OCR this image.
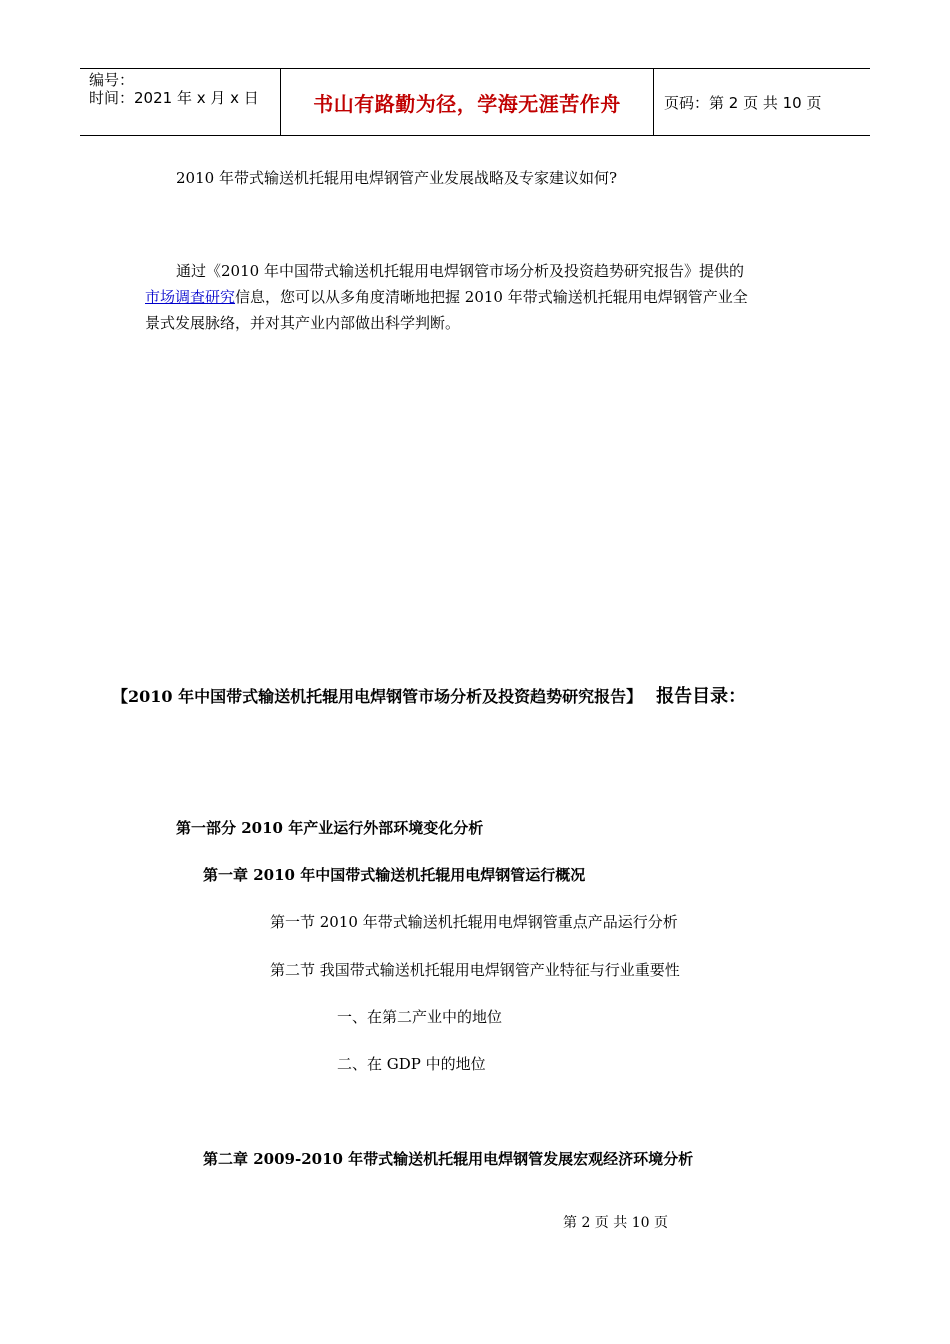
编号：
时间：2021 年 x 月 x 日	书山有路勤为径，学海无涯苦作舟	页码：第 2 页 共 10 页
2010 年带式输送机托辊用电焊钢管产业发展战略及专家建议如何?
通过《2010 年中国带式输送机托辊用电焊钢管市场分析及投资趋势研究报告》提供的
市场调查研究信息，您可以从多角度清晰地把握 2010 年带式输送机托辊用电焊钢管产业全
景式发展脉络，并对其产业内部做出科学判断。
【2010 年中国带式输送机托辊用电焊钢管市场分析及投资趋势研究报告】 报告目录：
第一部分 2010 年产业运行外部环境变化分析
第一章 2010 年中国带式输送机托辊用电焊钢管运行概况
第一节 2010 年带式输送机托辊用电焊钢管重点产品运行分析
第二节 我国带式输送机托辊用电焊钢管产业特征与行业重要性
一、在第二产业中的地位
二、在 GDP 中的地位
第二章 2009-2010 年带式输送机托辊用电焊钢管发展宏观经济环境分析
第 2 页 共 10 页
